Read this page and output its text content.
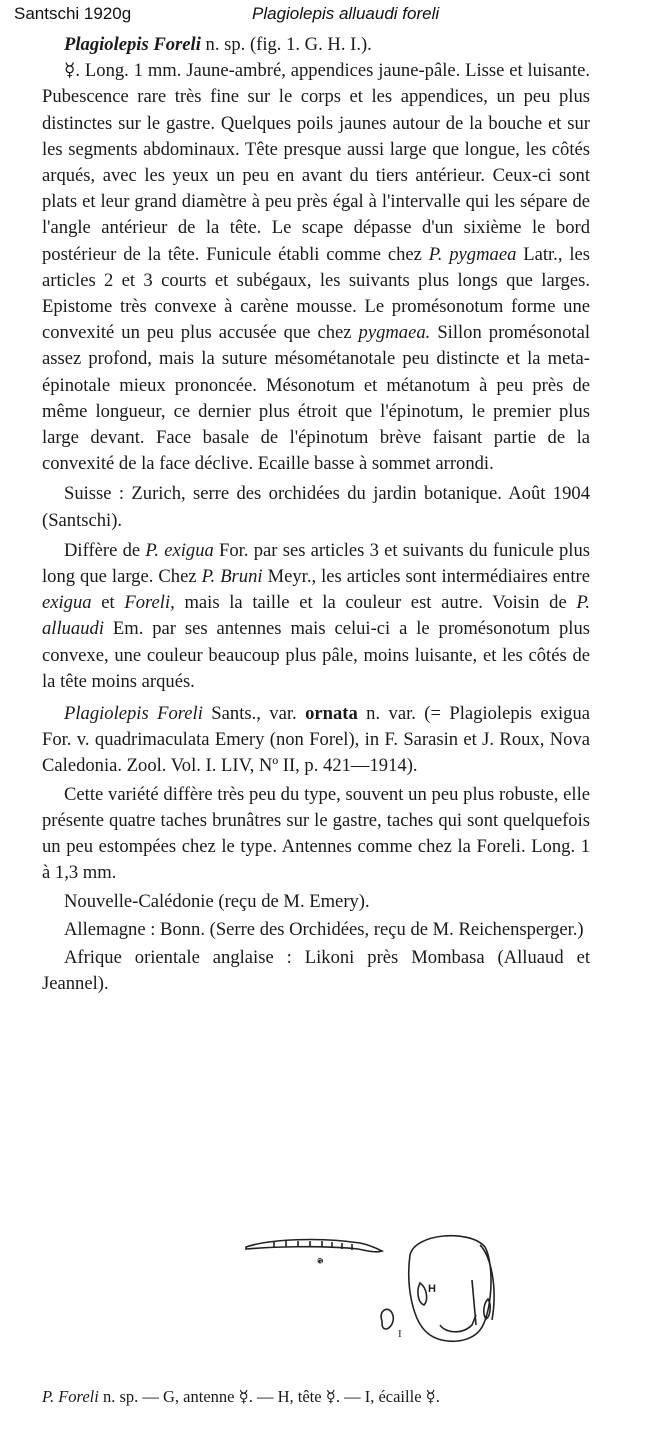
Santschi 1920g	Plagiolepis alluaudi foreli

Plagiolepis Foreli n. sp. (fig. 1. G. H. I.).

☿. Long. 1 mm. Jaune-ambré, appendices jaune-pâle. Lisse et luisante. Pubescence rare très fine sur le corps et les appendices, un peu plus distinctes sur le gastre. Quelques poils jaunes autour de la bouche et sur les segments abdominaux. Tête presque aussi large que longue, les côtés arqués, avec les yeux un peu en avant du tiers antérieur. Ceux-ci sont plats et leur grand diamètre à peu près égal à l'intervalle qui les sépare de l'angle antérieur de la tête. Le scape dépasse d'un sixième le bord postérieur de la tête. Funicule établi comme chez P. pygmaea Latr., les articles 2 et 3 courts et subégaux, les suivants plus longs que larges. Epistome très convexe à carène mousse. Le promésonotum forme une convexité un peu plus accusée que chez pygmaea. Sillon promésonotal assez profond, mais la suture mésométanotale peu distincte et la meta-épinotale mieux prononcée. Mésonotum et métanotum à peu près de même longueur, ce dernier plus étroit que l'épinotum, le premier plus large devant. Face basale de l'épinotum brève faisant partie de la convexité de la face déclive. Ecaille basse à sommet arrondi.

Suisse : Zurich, serre des orchidées du jardin botanique. Août 1904 (Santschi).

Diffère de P. exigua For. par ses articles 3 et suivants du funicule plus long que large. Chez P. Bruni Meyr., les articles sont intermédiaires entre exigua et Foreli, mais la taille et la couleur est autre. Voisin de P. alluaudi Em. par ses antennes mais celui-ci a le promésonotum plus convexe, une couleur beaucoup plus pâle, moins luisante, et les côtés de la tête moins arqués.

Plagiolepis Foreli Sants., var. ornata n. var. (= Plagiolepis exigua For. v. quadrimaculata Emery (non Forel), in F. Sarasin et J. Roux, Nova Caledonia. Zool. Vol. I. LIV, Nº II, p. 421—1914).

Cette variété diffère très peu du type, souvent un peu plus robuste, elle présente quatre taches brunâtres sur le gastre, taches qui sont quelquefois un peu estompées chez le type. Antennes comme chez la Foreli. Long. 1 à 1,3 mm.

Nouvelle-Calédonie (reçu de M. Emery).

Allemagne : Bonn. (Serre des Orchidées, reçu de M. Reichensperger.)

Afrique orientale anglaise : Likoni près Mombasa (Alluaud et Jeannel).

G
H
I
P. Foreli n. sp. — G, antenne ☿. — H, tête ☿. — I, écaille ☿.
